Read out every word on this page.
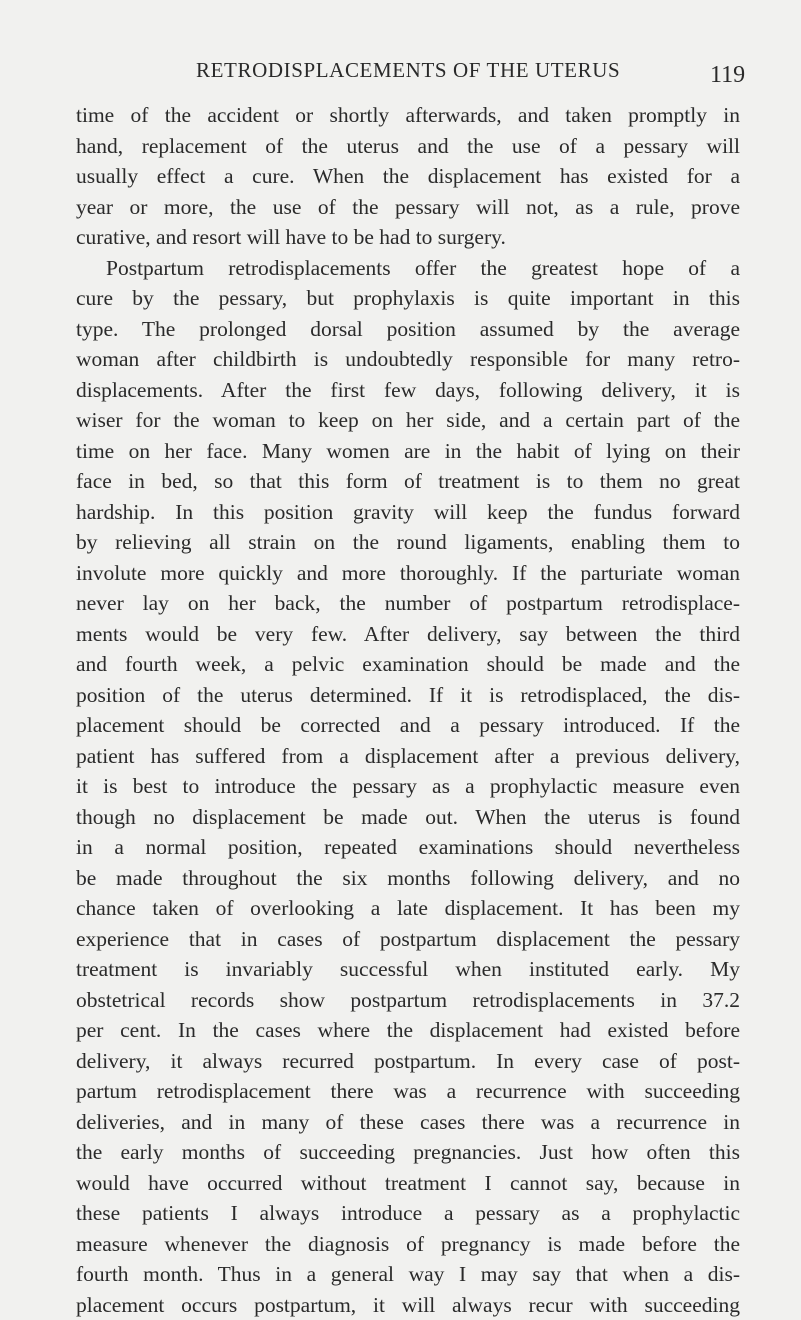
RETRODISPLACEMENTS OF THE UTERUS	119
time of the accident or shortly afterwards, and taken promptly in
hand, replacement of the uterus and the use of a pessary will
usually effect a cure. When the displacement has existed for a
year or more, the use of the pessary will not, as a rule, prove
curative, and resort will have to be had to surgery.
Postpartum retrodisplacements offer the greatest hope of a
cure by the pessary, but prophylaxis is quite important in this
type. The prolonged dorsal position assumed by the average
woman after childbirth is undoubtedly responsible for many retro-
displacements. After the first few days, following delivery, it is
wiser for the woman to keep on her side, and a certain part of the
time on her face. Many women are in the habit of lying on their
face in bed, so that this form of treatment is to them no great
hardship. In this position gravity will keep the fundus forward
by relieving all strain on the round ligaments, enabling them to
involute more quickly and more thoroughly. If the parturiate woman
never lay on her back, the number of postpartum retrodisplace-
ments would be very few. After delivery, say between the third
and fourth week, a pelvic examination should be made and the
position of the uterus determined. If it is retrodisplaced, the dis-
placement should be corrected and a pessary introduced. If the
patient has suffered from a displacement after a previous delivery,
it is best to introduce the pessary as a prophylactic measure even
though no displacement be made out. When the uterus is found
in a normal position, repeated examinations should nevertheless
be made throughout the six months following delivery, and no
chance taken of overlooking a late displacement. It has been my
experience that in cases of postpartum displacement the pessary
treatment is invariably successful when instituted early. My
obstetrical records show postpartum retrodisplacements in 37.2
per cent. In the cases where the displacement had existed before
delivery, it always recurred postpartum. In every case of post-
partum retrodisplacement there was a recurrence with succeeding
deliveries, and in many of these cases there was a recurrence in
the early months of succeeding pregnancies. Just how often this
would have occurred without treatment I cannot say, because in
these patients I always introduce a pessary as a prophylactic
measure whenever the diagnosis of pregnancy is made before the
fourth month. Thus in a general way I may say that when a dis-
placement occurs postpartum, it will always recur with succeeding
